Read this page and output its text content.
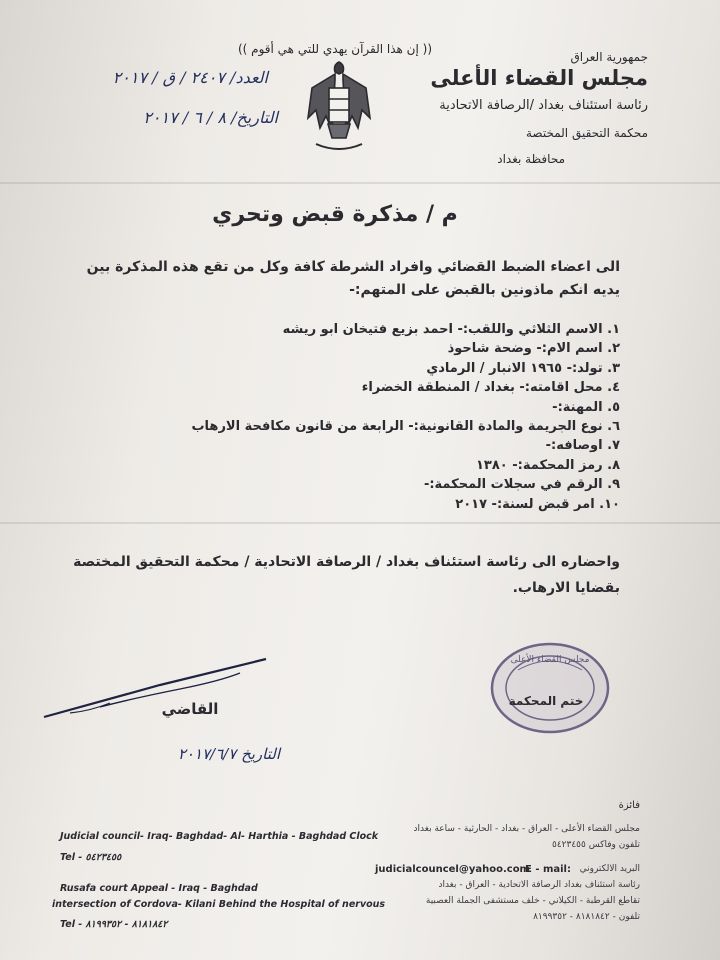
(( إن هذا القرآن يهدي للتي هي أقوم ))

جمهورية العراق

مجلس القضاء الأعلى

رئاسة استئناف بغداد /الرصافة الاتحادية

محكمة التحقيق المختصة

محافظة بغداد

العدد/ ٢٤٠٧ / ق / ٢٠١٧

التاريخ/ ٨ / ٦ / ٢٠١٧

م / مذكرة قبض وتحري

الى اعضاء الضبط القضائي وافراد الشرطة كافة وكل من تقع هذه المذكرة بين يديه انكم ماذونين بالقبض على المتهم:-

١. الاسم الثلاثي واللقب:- احمد بزيع فتيخان ابو ريشه
٢. اسم الام:- وضحة شاحوذ
٣. تولد:- ١٩٦٥ الانبار / الرمادي
٤. محل اقامته:- بغداد / المنطقة الخضراء
٥. المهنة:-
٦. نوع الجريمة والمادة القانونية:- الرابعة من قانون مكافحة الارهاب
٧. اوصافه:-
٨. رمز المحكمة:- ١٣٨٠
٩. الرقم في سجلات المحكمة:-
١٠. امر قبض لسنة:- ٢٠١٧

واحضاره الى رئاسة استئناف بغداد / الرصافة الاتحادية / محكمة التحقيق المختصة بقضايا الارهاب.

القاضي

التاريخ ٢٠١٧/٦/٧

مجلس القضاء الأعلى

ختم المحكمة

فائزة

Judicial council- Iraq- Baghdad- Al- Harthia - Baghdad Clock

Tel - ٥٤٢٣٤٥٥

Rusafa court Appeal - Iraq - Baghdad

intersection of Cordova- Kilani Behind the Hospital of nervous

Tel - ٨١٨١٨٤٢ - ٨١٩٩٣٥٢

judicialcouncel@yahoo.com

E - mail:

مجلس القضاء الأعلى - العراق - بغداد - الحارثية - ساعة بغداد

تلفون وفاكس ٥٤٢٣٤٥٥

البريد الالكتروني

رئاسة استئناف بغداد الرصافة الاتحادية - العراق - بغداد

تقاطع القرطبة - الكيلاني - خلف مستشفى الجملة العصبية

تلفون - ٨١٨١٨٤٢ - ٨١٩٩٣٥٢
